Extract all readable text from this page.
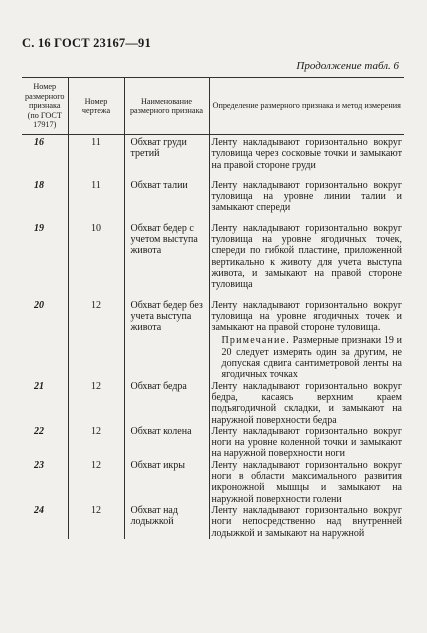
С. 16 ГОСТ 23167—91
Продолжение табл. 6
Номер размерного признака (по ГОСТ 17917)	Номер чертежа	Наименование размерного признака	Определение размерного признака и метод измерения
16	11	Обхват груди третий	Ленту накладывают горизонтально вокруг туловища через сосковые точки и замыкают на правой стороне груди

18	11	Обхват талии	Ленту накладывают горизонтально вокруг туловища на уровне линии талии и замыкают спереди

19	10	Обхват бедер с учетом выступа живота	Ленту накладывают горизонтально вокруг туловища на уровне ягодичных точек, спереди по гибкой пластине, приложенной вертикально к животу для учета выступа живота, и замыкают на правой стороне туловища

20	12	Обхват бедер без учета выступа живота	Ленту накладывают горизонтально вокруг туловища на уровне ягодичных точек и замыкают на правой стороне туловища.
Примечание. Размерные признаки 19 и 20 следует измерять один за другим, не допуская сдвига сантиметровой ленты на ягодичных точках

21	12	Обхват бедра	Ленту накладывают горизонтально вокруг бедра, касаясь верхним краем подъягодичной складки, и замыкают на наружной поверхности бедра
22	12	Обхват колена	Ленту накладывают горизонтально вокруг ноги на уровне коленной точки и замыкают на наружной поверхности ноги
23	12	Обхват икры	Ленту накладывают горизонтально вокруг ноги в области максимального развития икроножной мышцы и замыкают на наружной поверхности голени
24	12	Обхват над лодыжкой	Ленту накладывают горизонтально вокруг ноги непосредственно над внутренней лодыжкой и замыкают на наружной
